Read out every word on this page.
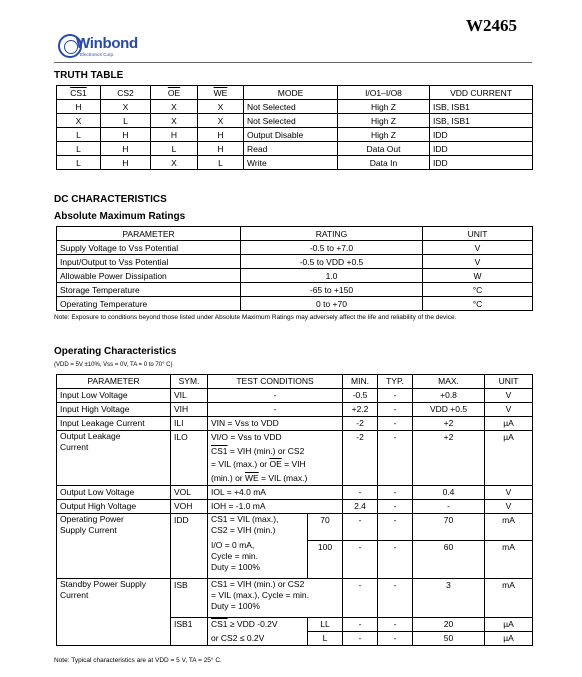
W2465
Winbond
Electronics Corp.
TRUTH TABLE
CS1	CS2	$\overline{OE}$	$\overline{WE}$	MODE	I/O1–I/O8	VDD CURRENT
H	X	X	X	Not Selected	High Z	ISB, ISB1
X	L	X	X	Not Selected	High Z	ISB, ISB1
L	H	H	H	Output Disable	High Z	IDD
L	H	L	H	Read	Data Out	IDD
L	H	X	L	Write	Data In	IDD
DC CHARACTERISTICS
Absolute Maximum Ratings
PARAMETER	RATING	UNIT
Supply Voltage to Vss Potential	-0.5 to +7.0	V
Input/Output to Vss Potential	-0.5 to VDD +0.5	V
Allowable Power Dissipation	1.0	W
Storage Temperature	-65 to +150	°C
Operating Temperature	0 to +70	°C
Note: Exposure to conditions beyond those listed under Absolute Maximum Ratings may adversely affect the life and reliability of the device.
Operating Characteristics
(VDD = 5V ±10%, Vss = 0V, TA = 0 to 70° C)
PARAMETER	SYM.	TEST CONDITIONS		MIN.	TYP.	MAX.	UNIT
Input Low Voltage	VIL	-		-0.5	-	+0.8	V
Input High Voltage	VIH	-		+2.2	-	VDD +0.5	V
Input Leakage Current	ILI	VIN = Vss to VDD		-2	-	+2	µA
Output Leakage
Current	ILO	VI/O = Vss to VDD
CS1 = VIH (min.) or CS2
= VIL (max.) or $\overline{OE}$ = VIH
(min.) or $\overline{WE}$ = VIL (max.)		-2	-	+2	µA
Output Low Voltage	VOL	IOL = +4.0 mA		-	-	0.4	V
Output High Voltage	VOH	IOH = -1.0 mA		2.4	-	-	V
Operating Power
Supply Current	IDD	CS1 = VIL (max.),
CS2 = VIH (min.)	70	-	-	70	mA
		I/O = 0 mA,
Cycle = min.
Duty = 100%	100	-	-	60	mA
Standby Power Supply
Current	ISB	CS1 = VIH (min.) or CS2
= VIL (max.), Cycle = min.
Duty = 100%		-	-	3	mA
	ISB1	CS1 ≥ VDD -0.2V	LL	-	-	20	µA
		or CS2 ≤ 0.2V	L	-	-	50	µA
Note: Typical characteristics are at VDD = 5 V, TA = 25° C.
